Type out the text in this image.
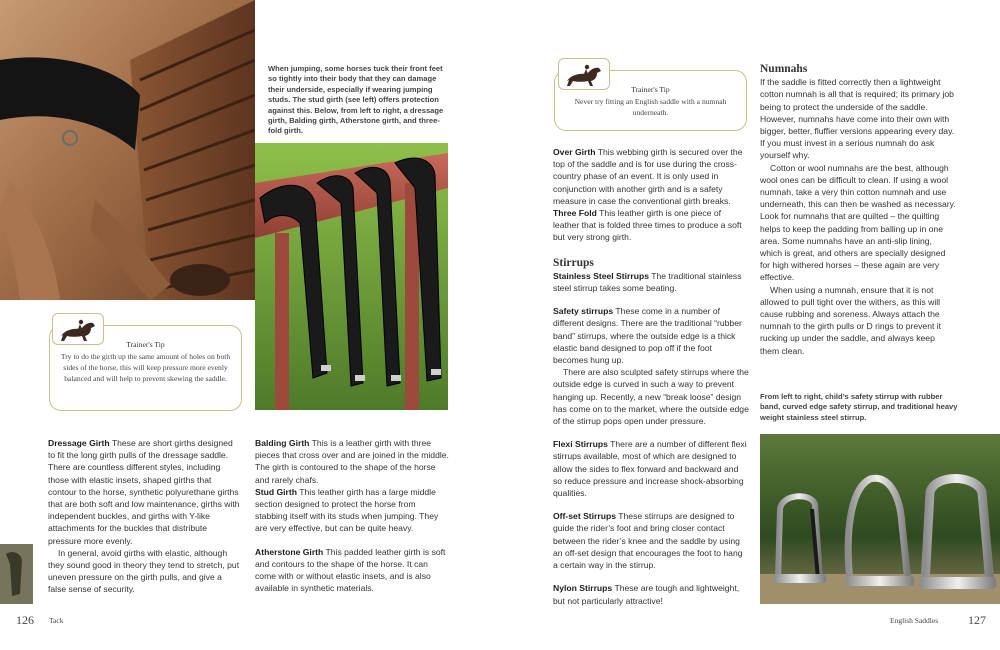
When jumping, some horses tuck their front feet so tightly into their body that they can damage their underside, especially if wearing jumping studs. The stud girth (see left) offers protection against this. Below, from left to right, a dressage girth, Balding girth, Atherstone girth, and three-fold girth.
Trainer's Tip
Try to do the girth up the same amount of holes on both sides of the horse, this will keep pressure more evenly balanced and will help to prevent skewing the saddle.

Dressage Girth These are short girths designed to fit the long girth pulls of the dressage saddle. There are countless different styles, including those with elastic insets, shaped girths that contour to the horse, synthetic polyurethane girths that are both soft and low maintenance, girths with independent buckles, and girths with Y-like attachments for the buckles that distribute pressure more evenly.

In general, avoid girths with elastic, although they sound good in theory they tend to stretch, put uneven pressure on the girth pulls, and give a false sense of security.

Balding Girth This is a leather girth with three pieces that cross over and are joined in the middle. The girth is contoured to the shape of the horse and rarely chafs.

Stud Girth This leather girth has a large middle section designed to protect the horse from stabbing itself with its studs when jumping. They are very effective, but can be quite heavy.

Atherstone Girth This padded leather girth is soft and contours to the shape of the horse. It can come with or without elastic insets, and is also available in synthetic materials.

126 Tack
Trainer's Tip
Never try fitting an English saddle with a numnah underneath.

Over Girth This webbing girth is secured over the top of the saddle and is for use during the cross-country phase of an event. It is only used in conjunction with another girth and is a safety measure in case the conventional girth breaks.

Three Fold This leather girth is one piece of leather that is folded three times to produce a soft but very strong girth.

Stirrups

Stainless Steel Stirrups The traditional stainless steel stirrup takes some beating.

Safety stirrups These come in a number of different designs. There are the traditional “rubber band” stirrups, where the outside edge is a thick elastic band designed to pop off if the foot becomes hung up.

There are also sculpted safety stirrups where the outside edge is curved in such a way to prevent hanging up. Recently, a new “break loose” design has come on to the market, where the outside edge of the stirrup pops open under pressure.

Flexi Stirrups There are a number of different flexi stirrups available, most of which are designed to allow the sides to flex forward and backward and so reduce pressure and increase shock-absorbing qualities.

Off-set Stirrups These stirrups are designed to guide the rider’s foot and bring closer contact between the rider’s knee and the saddle by using an off-set design that encourages the foot to hang a certain way in the stirrup.

Nylon Stirrups These are tough and lightweight, but not particularly attractive!

Numnahs

If the saddle is fitted correctly then a lightweight cotton numnah is all that is required; its primary job being to protect the underside of the saddle. However, numnahs have come into their own with bigger, better, fluffier versions appearing every day. If you must invest in a serious numnah do ask yourself why.

Cotton or wool numnahs are the best, although wool ones can be difficult to clean. If using a wool numnah, take a very thin cotton numnah and use underneath, this can then be washed as necessary. Look for numnahs that are quilted – the quilting helps to keep the padding from balling up in one area. Some numnahs have an anti-slip lining, which is great, and others are specially designed for high withered horses – these again are very effective.

When using a numnah, ensure that it is not allowed to pull tight over the withers, as this will cause rubbing and soreness. Always attach the numnah to the girth pulls or D rings to prevent it rucking up under the saddle, and always keep them clean.

From left to right, child’s safety stirrup with rubber band, curved edge safety stirrup, and traditional heavy weight stainless steel stirrup.
English Saddles 127
